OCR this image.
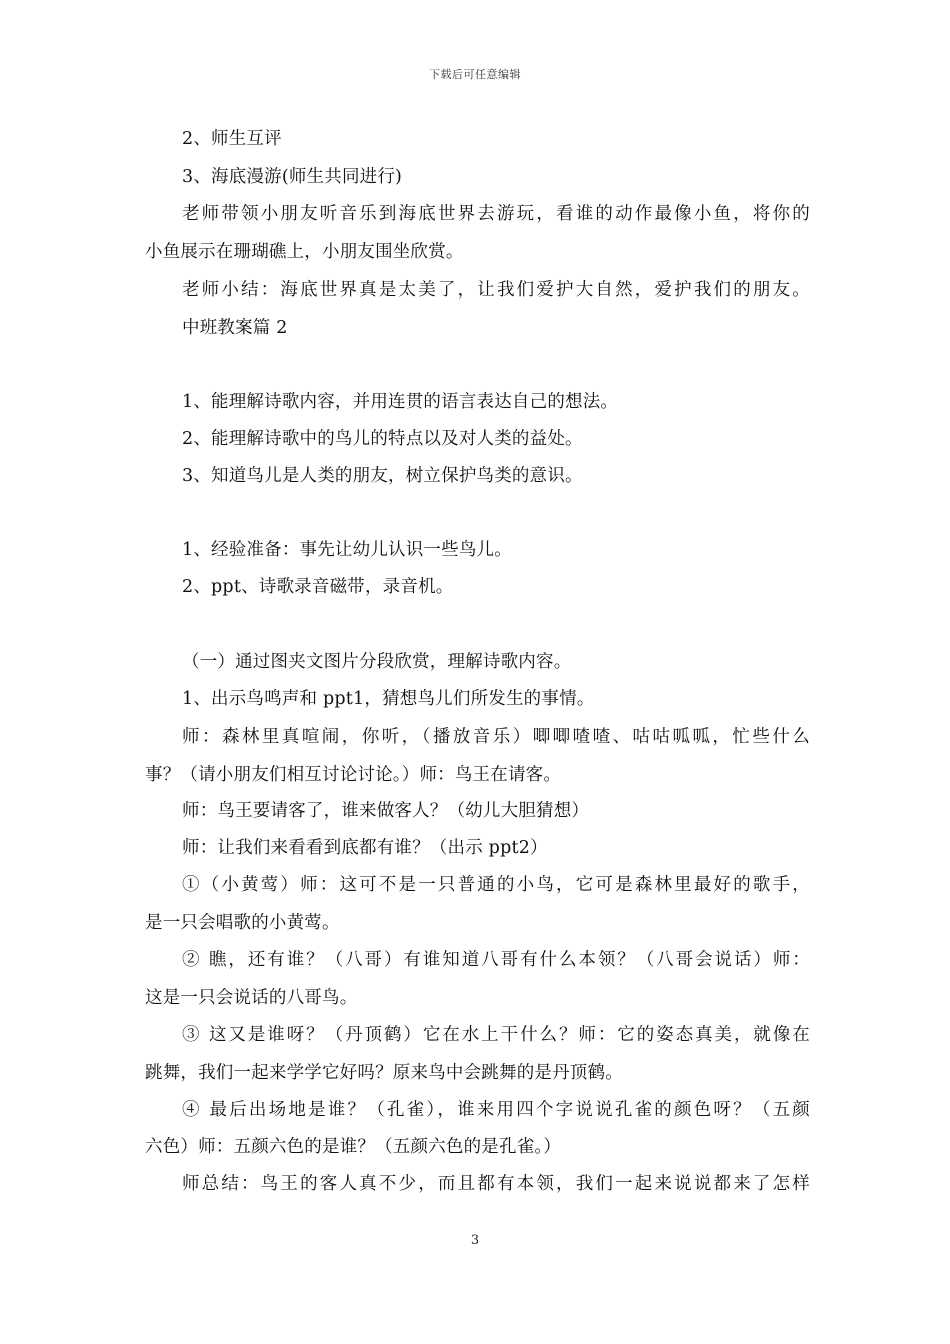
下载后可任意编辑
2、师生互评
3、海底漫游(师生共同进行)
老师带领小朋友听音乐到海底世界去游玩，看谁的动作最像小鱼，将你的
小鱼展示在珊瑚礁上，小朋友围坐欣赏。
老师小结：海底世界真是太美了，让我们爱护大自然，爱护我们的朋友。
中班教案篇 2
1、能理解诗歌内容，并用连贯的语言表达自己的想法。
2、能理解诗歌中的鸟儿的特点以及对人类的益处。
3、知道鸟儿是人类的朋友，树立保护鸟类的意识。
1、经验准备：事先让幼儿认识一些鸟儿。
2、ppt、诗歌录音磁带，录音机。
（一）通过图夹文图片分段欣赏，理解诗歌内容。
1、出示鸟鸣声和 ppt1，猜想鸟儿们所发生的事情。
师：森林里真喧闹，你听，（播放音乐）唧唧喳喳、咕咕呱呱，忙些什么
事？（请小朋友们相互讨论讨论。）师：鸟王在请客。
师：鸟王要请客了，谁来做客人？（幼儿大胆猜想）
师：让我们来看看到底都有谁？（出示 ppt2）
①（小黄莺）师：这可不是一只普通的小鸟，它可是森林里最好的歌手，
是一只会唱歌的小黄莺。
② 瞧，还有谁？（八哥）有谁知道八哥有什么本领？（八哥会说话）师：
这是一只会说话的八哥鸟。
③ 这又是谁呀？（丹顶鹤）它在水上干什么？师：它的姿态真美，就像在
跳舞，我们一起来学学它好吗？原来鸟中会跳舞的是丹顶鹤。
④ 最后出场地是谁？（孔雀），谁来用四个字说说孔雀的颜色呀？（五颜
六色）师：五颜六色的是谁？（五颜六色的是孔雀。）
师总结：鸟王的客人真不少，而且都有本领，我们一起来说说都来了怎样
3
